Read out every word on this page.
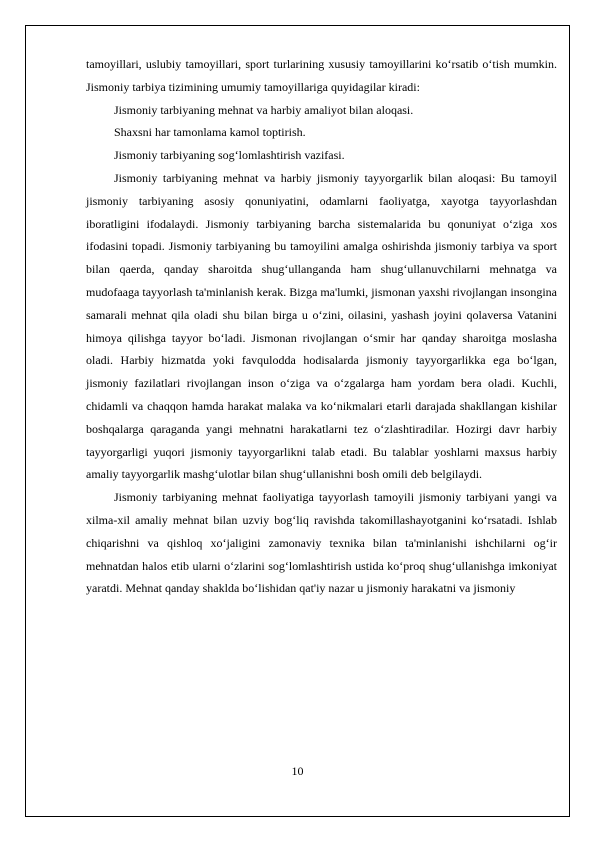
tamoyillari, uslubiy tamoyillari, sport turlarining xususiy tamoyillarini ko‘rsatib o‘tish mumkin. Jismoniy tarbiya tizimining umumiy tamoyillariga quyidagilar kiradi:

Jismoniy tarbiyaning mehnat va harbiy amaliyot bilan aloqasi.

Shaxsni har tamonlama kamol toptirish.

Jismoniy tarbiyaning sog‘lomlashtirish vazifasi.

Jismoniy tarbiyaning mehnat va harbiy jismoniy tayyorgarlik bilan aloqasi: Bu tamoyil jismoniy tarbiyaning asosiy qonuniyatini, odamlarni faoliyatga, xayotga tayyorlashdan iboratligini ifodalaydi. Jismoniy tarbiyaning barcha sistemalarida bu qonuniyat o‘ziga xos ifodasini topadi. Jismoniy tarbiyaning bu tamoyilini amalga oshirishda jismoniy tarbiya va sport bilan qaerda, qanday sharoitda shug‘ullanganda ham shug‘ullanuvchilarni mehnatga va mudofaaga tayyorlash ta'minlanish kerak. Bizga ma'lumki, jismonan yaxshi rivojlangan insongina samarali mehnat qila oladi shu bilan birga u o‘zini, oilasini, yashash joyini qolaversa Vatanini himoya qilishga tayyor bo‘ladi. Jismonan rivojlangan o‘smir har qanday sharoitga moslasha oladi. Harbiy hizmatda yoki favqulodda hodisalarda jismoniy tayyorgarlikka ega bo‘lgan, jismoniy fazilatlari rivojlangan inson o‘ziga va o‘zgalarga ham yordam bera oladi. Kuchli, chidamli va chaqqon hamda harakat malaka va ko‘nikmalari etarli darajada shakllangan kishilar boshqalarga qaraganda yangi mehnatni harakatlarni tez o‘zlashtiradilar. Hozirgi davr harbiy tayyorgarligi yuqori jismoniy tayyorgarlikni talab etadi. Bu talablar yoshlarni maxsus harbiy amaliy tayyorgarlik mashg‘ulotlar bilan shug‘ullanishni bosh omili deb belgilaydi.

Jismoniy tarbiyaning mehnat faoliyatiga tayyorlash tamoyili jismoniy tarbiyani yangi va xilma-xil amaliy mehnat bilan uzviy bog‘liq ravishda takomillashayotganini ko‘rsatadi. Ishlab chiqarishni va qishloq xo‘jaligini zamonaviy texnika bilan ta'minlanishi ishchilarni og‘ir mehnatdan halos etib ularni o‘zlarini sog‘lomlashtirish ustida ko‘proq shug‘ullanishga imkoniyat yaratdi. Mehnat qanday shaklda bo‘lishidan qat'iy nazar u jismoniy harakatni va jismoniy

10
